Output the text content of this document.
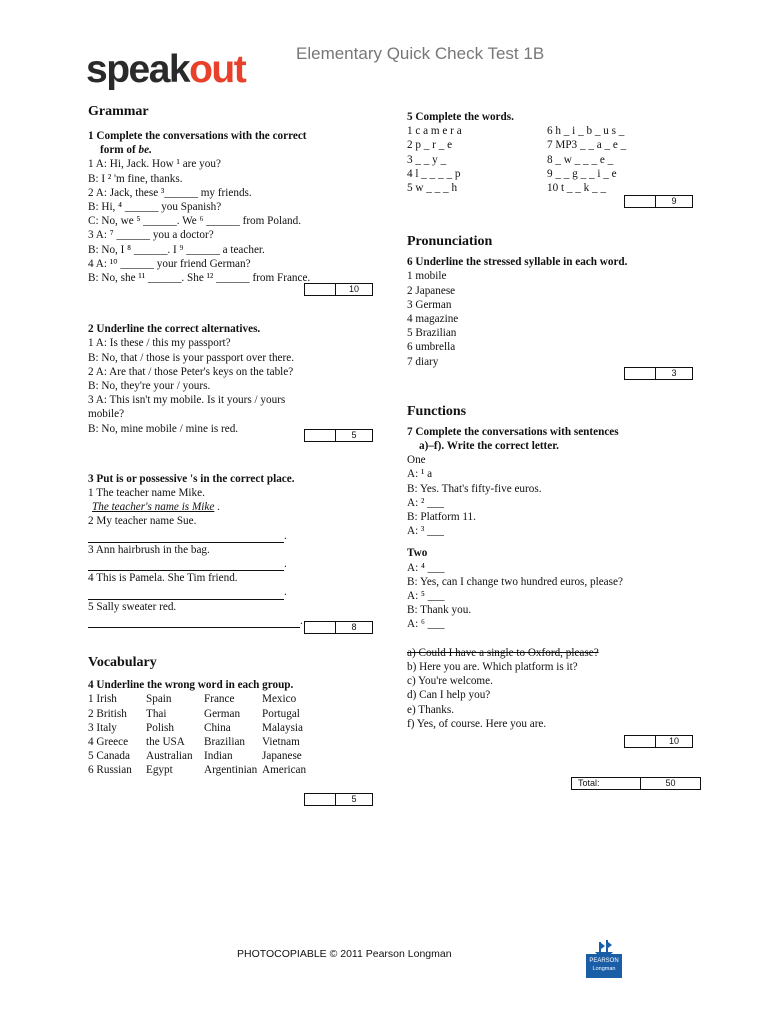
speakout	Elementary Quick Check Test 1B
Grammar
1 Complete the conversations with the correct
form of be.
1 A: Hi, Jack. How ¹ are you?
B: I ² 'm fine, thanks.
2 A: Jack, these ³______ my friends.
B: Hi, ⁴ ______ you Spanish?
C: No, we ⁵ ______. We ⁶ ______ from Poland.
3 A: ⁷ ______ you a doctor?
B: No, I ⁸ ______. I ⁹ ______ a teacher.
4 A: ¹⁰ ______ your friend German?
B: No, she ¹¹ ______. She ¹² ______ from France.
2 Underline the correct alternatives.
1 A: Is these / this my passport?
B: No, that / those is your passport over there.
2 A: Are that / those Peter's keys on the table?
B: No, they're your / yours.
3 A: This isn't my mobile. Is it yours / yours
mobile?
B: No, mine mobile / mine is red.
3 Put is or possessive 's in the correct place.
1 The teacher name Mike.
The teacher's name is Mike .
2 My teacher name Sue.
.
3 Ann hairbrush in the bag.
.
4 This is Pamela. She Tim friend.
.
5 Sally sweater red.
.
Vocabulary
4 Underline the wrong word in each group.
1 Irish	Spain	France	Mexico
2 British	Thai	German	Portugal
3 Italy	Polish	China	Malaysia
4 Greece	the USA	Brazilian	Vietnam
5 Canada	Australian	Indian	Japanese
6 Russian	Egypt	Argentinian American
10
5
8
5
5 Complete the words.
1 c a m e r a	6 h _ i _ b _ u s _
2 p _ r _ e	7 MP3 _ _ a _ e _
3 _ _ y _	8 _ w _ _ _ e _
4 l _ _ _ _ p	9 _ _ g _ _ i _ e
5 w _ _ _ h	10 t _ _ k _ _
Pronunciation
6 Underline the stressed syllable in each word.
1 mobile
2 Japanese
3 German
4 magazine
5 Brazilian
6 umbrella
7 diary
Functions
7 Complete the conversations with sentences
a)–f). Write the correct letter.
One
A: ¹ a
B: Yes. That's fifty-five euros.
A: ² ___
B: Platform 11.
A: ³ ___
Two
A: ⁴ ___
B: Yes, can I change two hundred euros, please?
A: ⁵ ___
B: Thank you.
A: ⁶ ___
a) Could I have a single to Oxford, please?
b) Here you are. Which platform is it?
c) You're welcome.
d) Can I help you?
e) Thanks.
f) Yes, of course. Here you are.
9
3
10
Total:	50
PHOTOCOPIABLE © 2011 Pearson Longman
PEARSON
Longman
